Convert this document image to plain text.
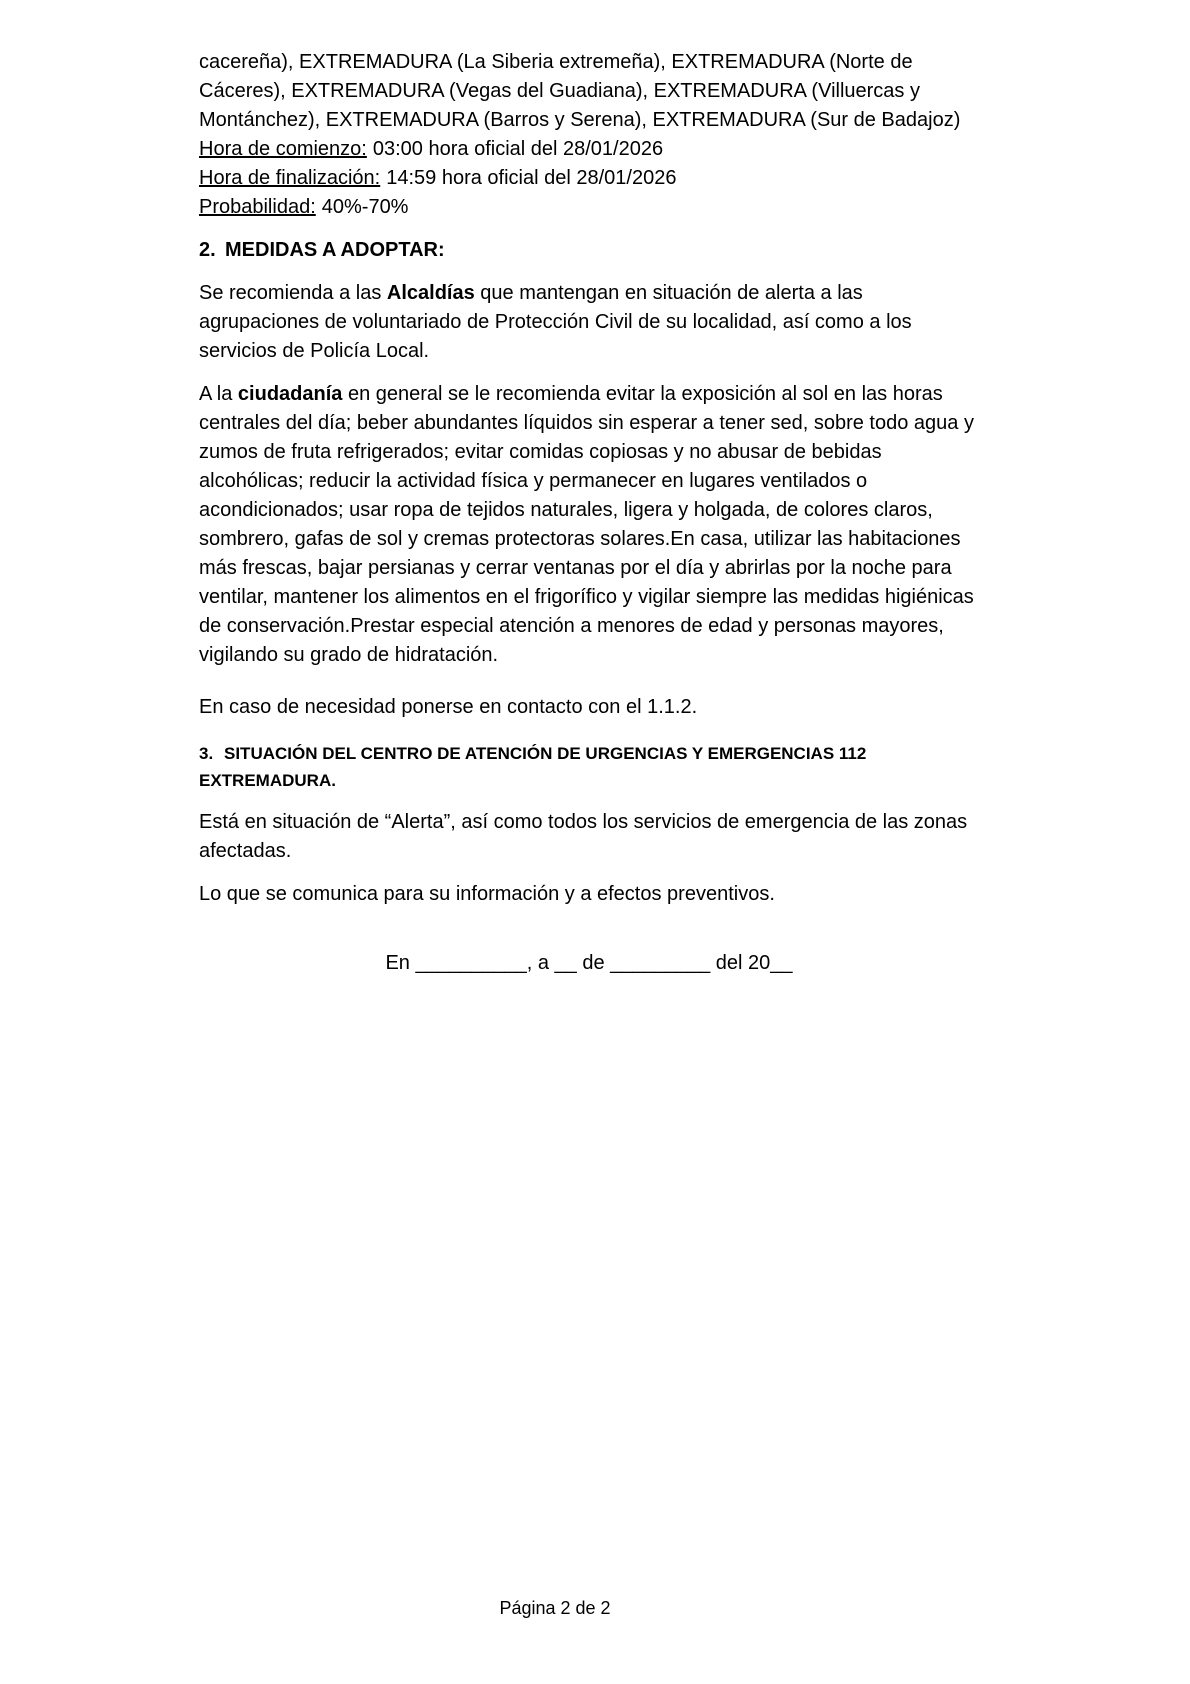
cacereña), EXTREMADURA (La Siberia extremeña), EXTREMADURA (Norte de Cáceres), EXTREMADURA (Vegas del Guadiana), EXTREMADURA (Villuercas y Montánchez), EXTREMADURA (Barros y Serena), EXTREMADURA (Sur de Badajoz)
Hora de comienzo: 03:00 hora oficial del 28/01/2026
Hora de finalización: 14:59 hora oficial del 28/01/2026
Probabilidad: 40%-70%

2. MEDIDAS A ADOPTAR:

Se recomienda a las Alcaldías que mantengan en situación de alerta a las agrupaciones de voluntariado de Protección Civil de su localidad, así como a los servicios de Policía Local.

A la ciudadanía en general se le recomienda evitar la exposición al sol en las horas centrales del día; beber abundantes líquidos sin esperar a tener sed, sobre todo agua y zumos de fruta refrigerados; evitar comidas copiosas y no abusar de bebidas alcohólicas; reducir la actividad física y permanecer en lugares ventilados o acondicionados; usar ropa de tejidos naturales, ligera y holgada, de colores claros, sombrero, gafas de sol y cremas protectoras solares.En casa, utilizar las habitaciones más frescas, bajar persianas y cerrar ventanas por el día y abrirlas por la noche para ventilar, mantener los alimentos en el frigorífico y vigilar siempre las medidas higiénicas de conservación.Prestar especial atención a menores de edad y personas mayores, vigilando su grado de hidratación.

En caso de necesidad ponerse en contacto con el 1.1.2.

3. SITUACIÓN DEL CENTRO DE ATENCIÓN DE URGENCIAS Y EMERGENCIAS 112 EXTREMADURA.

Está en situación de “Alerta”, así como todos los servicios de emergencia de las zonas afectadas.

Lo que se comunica para su información y a efectos preventivos.

En __________, a __ de _________ del 20__

Página 2 de 2
